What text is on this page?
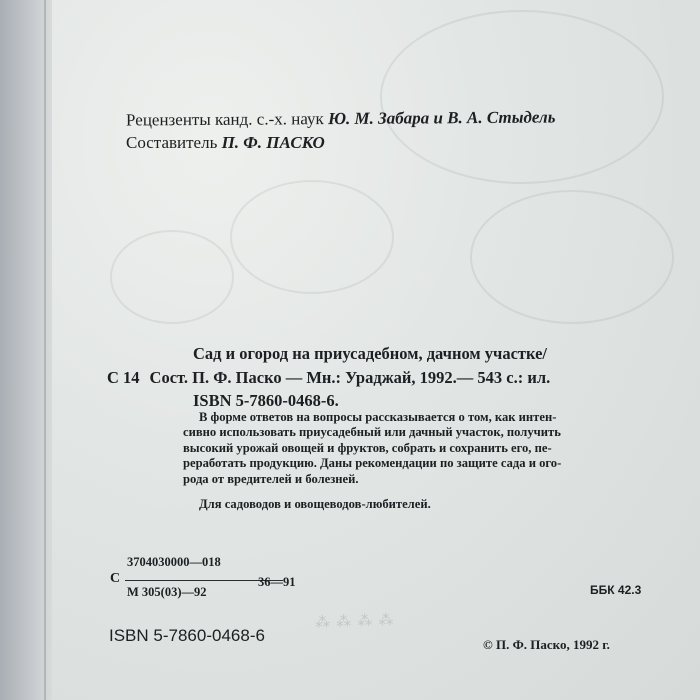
Рецензенты канд. с.-х. наук Ю. М. Забара и В. А. Стыдель
Составитель П. Ф. ПАСКО
Сад и огород на приусадебном, дачном участке/
С 14 Сост. П. Ф. Паско — Мн.: Ураджай, 1992.— 543 с.: ил.
ISBN 5-7860-0468-6.
В форме ответов на вопросы рассказывается о том, как интен-
сивно использовать приусадебный или дачный участок, получить
высокий урожай овощей и фруктов, собрать и сохранить его, пе-
реработать продукцию. Даны рекомендации по защите сада и ого-
рода от вредителей и болезней.
Для садоводов и овощеводов-любителей.
3704030000—018
С
М 305(03)—92
36—91
ББК 42.3
⁂ ⁂ ⁂ ⁂
ISBN 5-7860-0468-6	© П. Ф. Паско, 1992 г.
